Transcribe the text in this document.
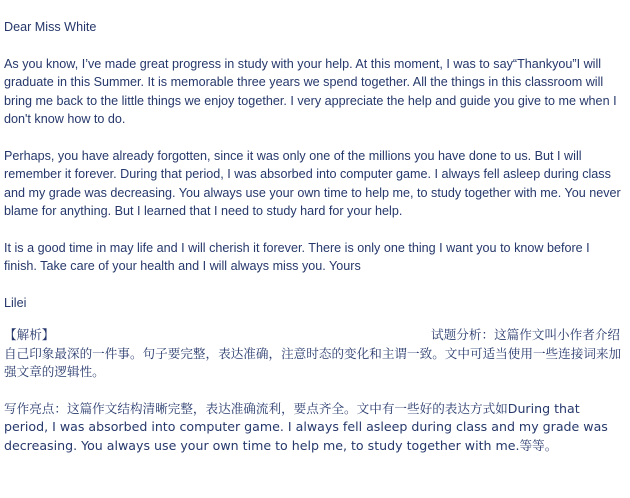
Dear Miss White

As you know, I’ve made great progress in study with your help. At this moment, I was to say“Thankyou”I will graduate in this Summer. It is memorable three years we spend together. All the things in this classroom will bring me back to the little things we enjoy together. I very appreciate the help and guide you give to me when I don't know how to do.

Perhaps, you have already forgotten, since it was only one of the millions you have done to us. But I will remember it forever. During that period, I was absorbed into computer game. I always fell asleep during class and my grade was decreasing. You always use your own time to help me, to study together with me. You never blame for anything. But I learned that I need to study hard for your help.

It is a good time in may life and I will cherish it forever. There is only one thing I want you to know before I finish. Take care of your health and I will always miss you. Yours

Lilei

【解析】	试题分析：这篇作文叫小作者介绍

自己印象最深的一件事。句子要完整，表达准确，注意时态的变化和主谓一致。文中可适当使用一些连接词来加强文章的逻辑性。

写作亮点：这篇作文结构清晰完整，表达准确流利，要点齐全。文中有一些好的表达方式如During that period, I was absorbed into computer game. I always fell asleep during class and my grade was decreasing. You always use your own time to help me, to study together with me.等等。
